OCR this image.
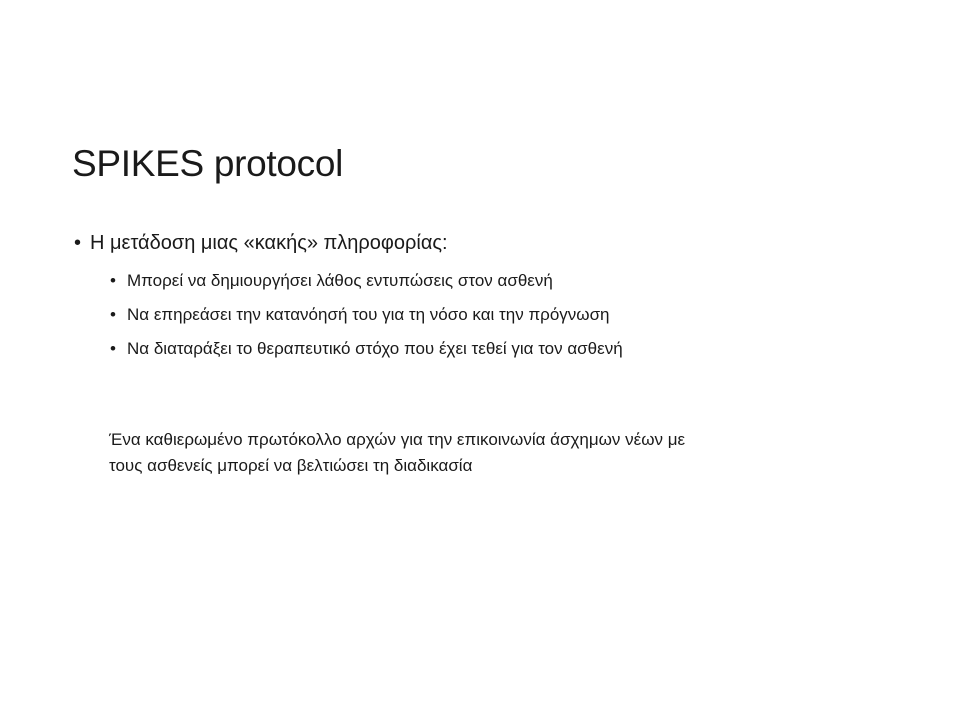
SPIKES protocol
• Η μετάδοση μιας «κακής» πληροφορίας:
• Μπορεί να δημιουργήσει λάθος εντυπώσεις στον ασθενή
• Να επηρεάσει την κατανόησή του για τη νόσο και την πρόγνωση
• Να διαταράξει το θεραπευτικό στόχο που έχει τεθεί για τον ασθενή
Ένα καθιερωμένο πρωτόκολλο αρχών για την επικοινωνία άσχημων νέων με
τους ασθενείς μπορεί να βελτιώσει τη διαδικασία
